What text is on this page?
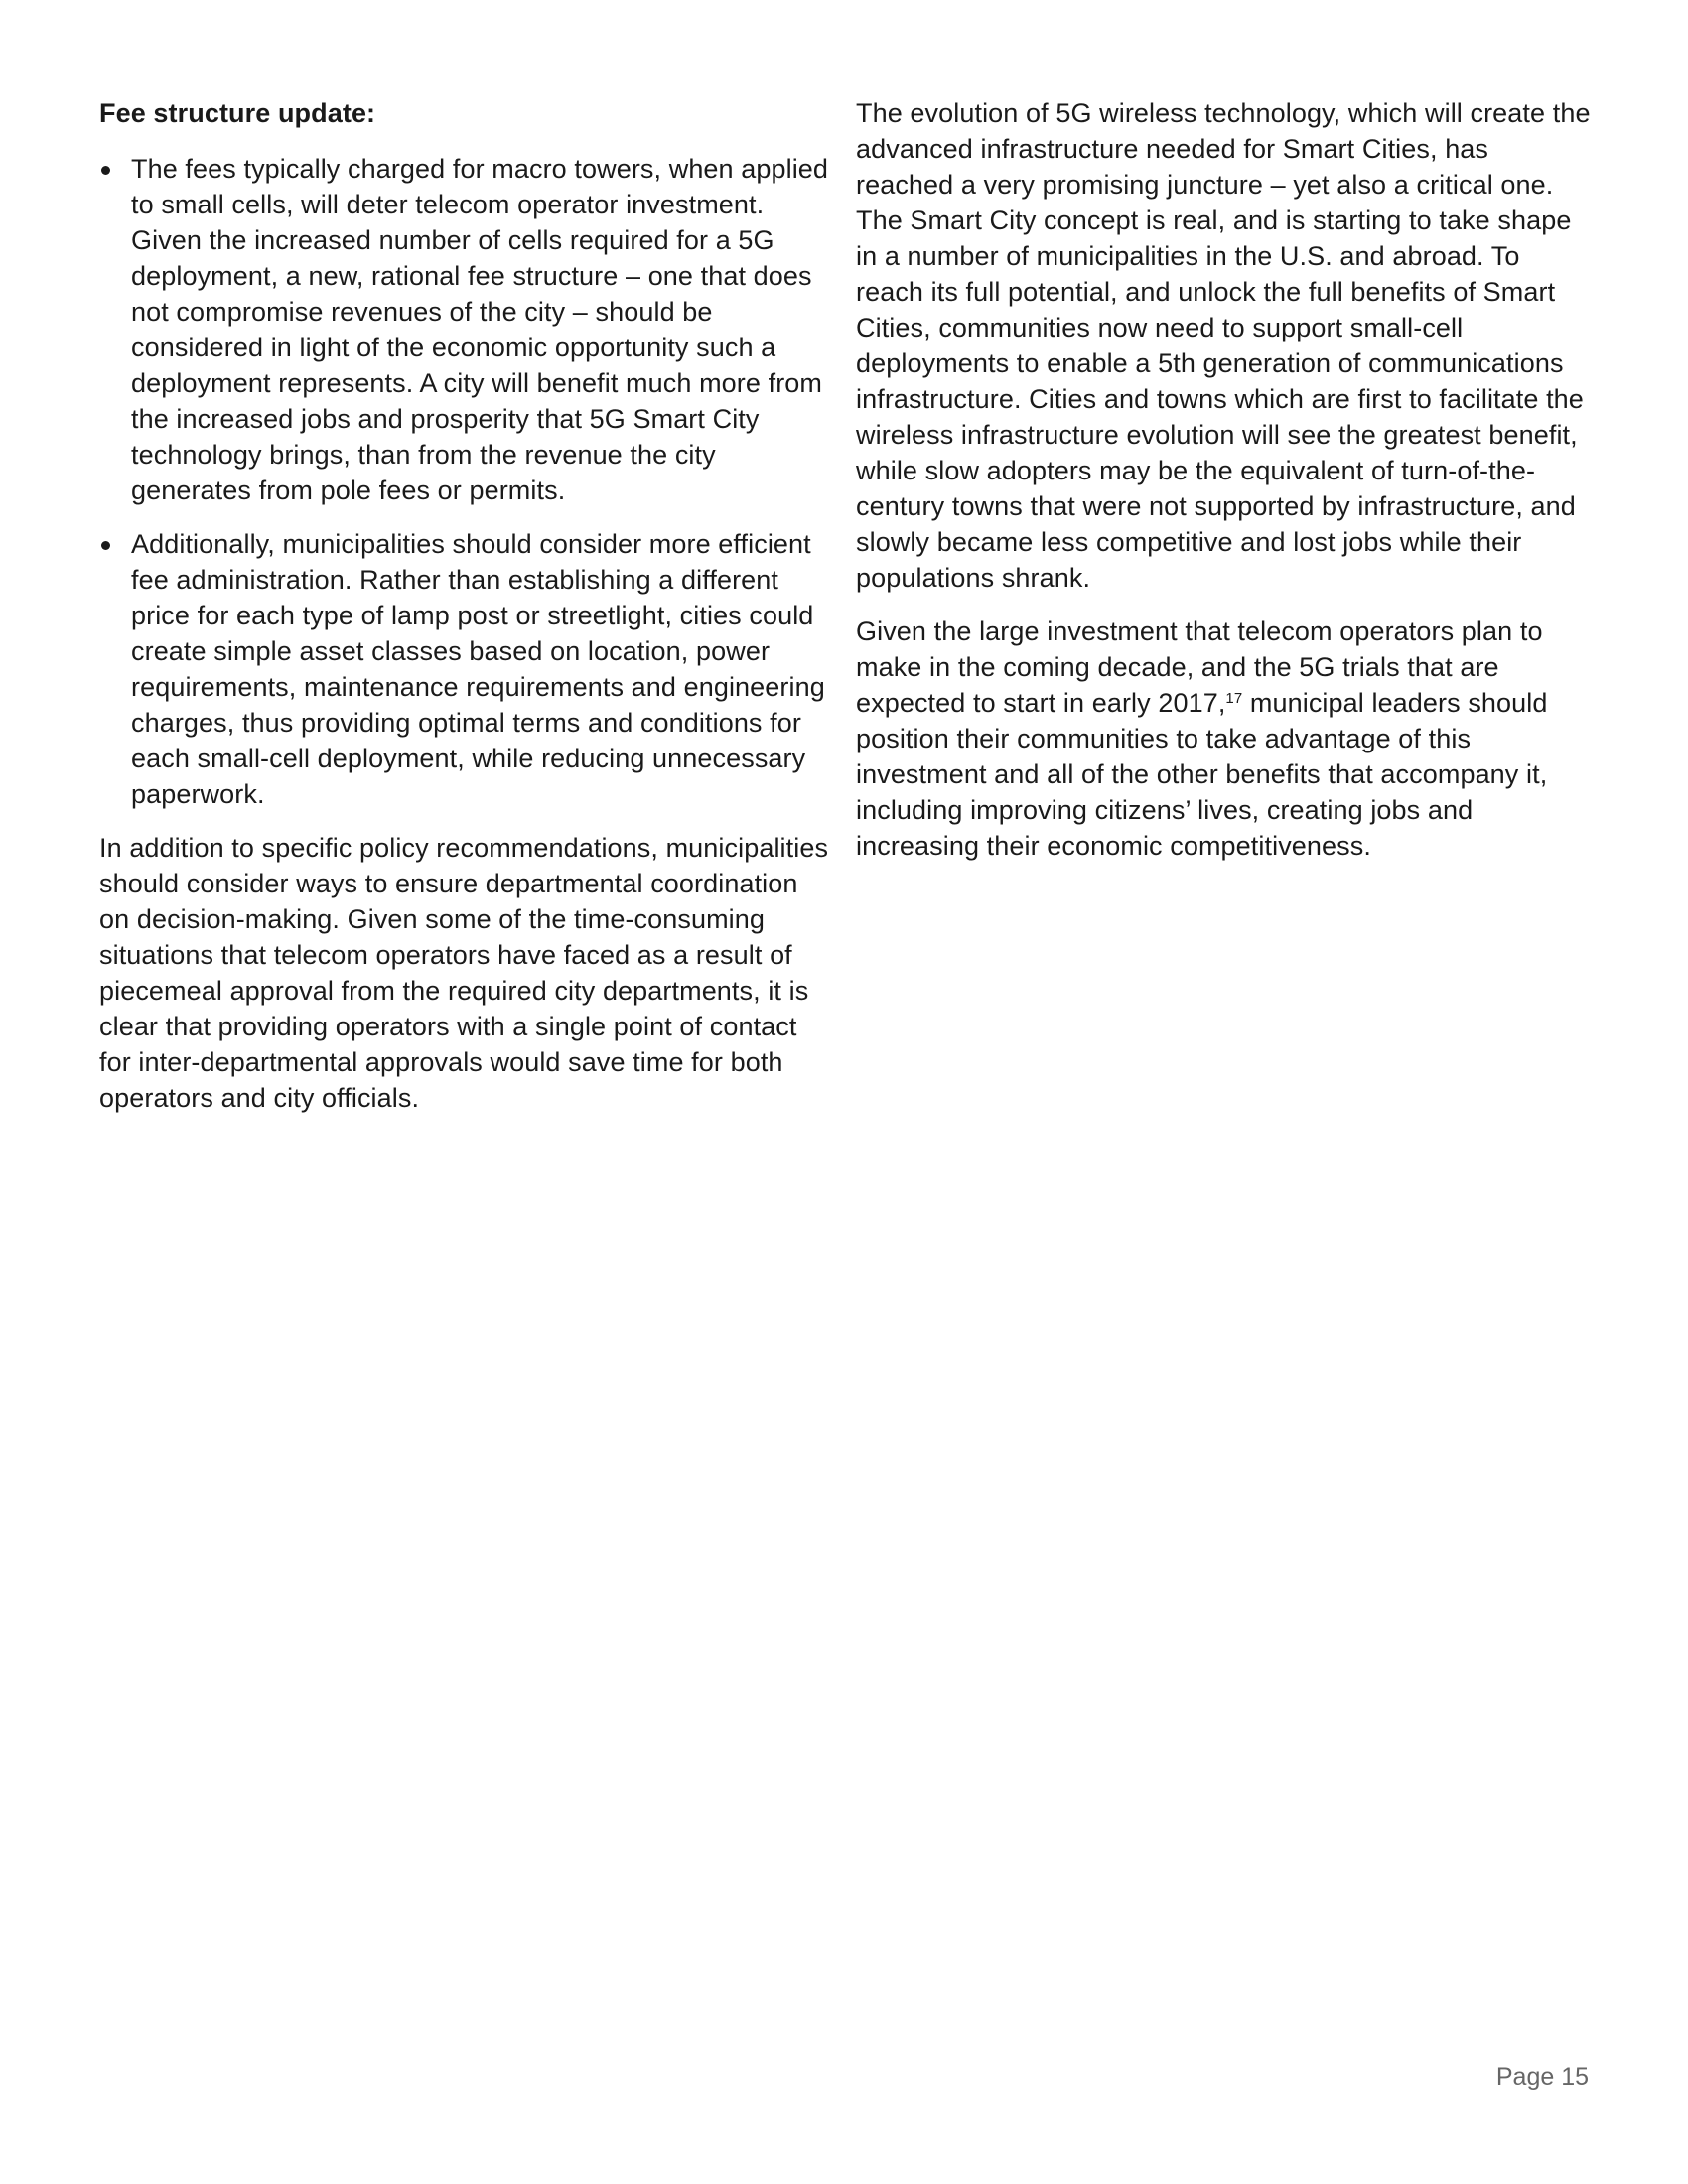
Fee structure update:
The fees typically charged for macro towers, when applied to small cells, will deter telecom operator investment. Given the increased number of cells required for a 5G deployment, a new, rational fee structure – one that does not compromise revenues of the city – should be considered in light of the economic opportunity such a deployment represents. A city will benefit much more from the increased jobs and prosperity that 5G Smart City technology brings, than from the revenue the city generates from pole fees or permits.
Additionally, municipalities should consider more efficient fee administration. Rather than establishing a different price for each type of lamp post or streetlight, cities could create simple asset classes based on location, power requirements, maintenance requirements and engineering charges, thus providing optimal terms and conditions for each small-cell deployment, while reducing unnecessary paperwork.

In addition to specific policy recommendations, municipalities should consider ways to ensure departmental coordination on decision-making. Given some of the time-consuming situations that telecom operators have faced as a result of piecemeal approval from the required city departments, it is clear that providing operators with a single point of contact for inter-departmental approvals would save time for both operators and city officials.

The evolution of 5G wireless technology, which will create the advanced infrastructure needed for Smart Cities, has reached a very promising juncture – yet also a critical one. The Smart City concept is real, and is starting to take shape in a number of municipalities in the U.S. and abroad. To reach its full potential, and unlock the full benefits of Smart Cities, communities now need to support small-cell deployments to enable a 5th generation of communications infrastructure. Cities and towns which are first to facilitate the wireless infrastructure evolution will see the greatest benefit, while slow adopters may be the equivalent of turn-of-the-century towns that were not supported by infrastructure, and slowly became less competitive and lost jobs while their populations shrank.

Given the large investment that telecom operators plan to make in the coming decade, and the 5G trials that are expected to start in early 2017,17 municipal leaders should position their communities to take advantage of this investment and all of the other benefits that accompany it, including improving citizens’ lives, creating jobs and increasing their economic competitiveness.

Page 15
